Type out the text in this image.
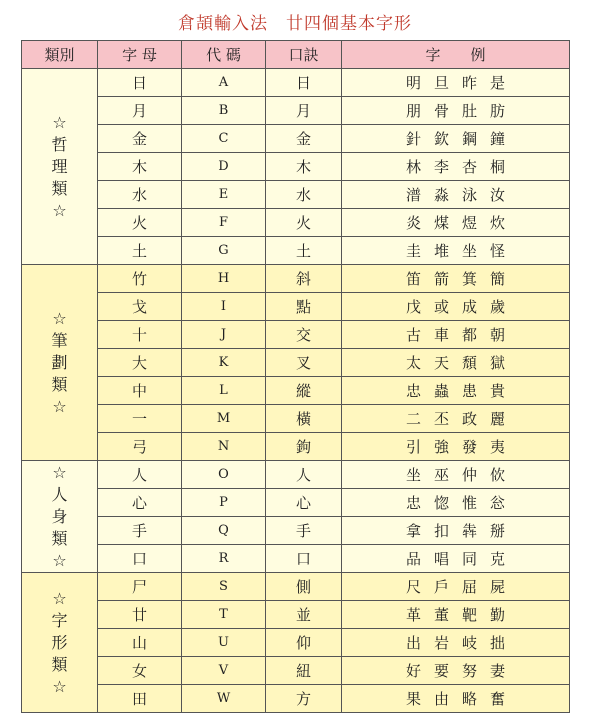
倉頡輸入法　廿四個基本字形
類別	字 母	代 碼	口訣	字　　例

☆
哲
理
類
☆	日	A	日	明旦昨是
	月	B	月	朋骨肚肪
	金	C	金	針欽鋼鐘
	木	D	木	林李杏桐
	水	E	水	潽淼泳汝
	火	F	火	炎煤煜炊
	土	G	土	圭堆坐怪

☆
筆
劃
類
☆	竹	H	斜	笛箭箕簡
	戈	I	點	戊或成歲
	十	J	交	古車都朝
	大	K	叉	太天頹獄
	中	L	縱	忠蟲患貴
	一	M	橫	二丕政麗
	弓	N	鉤	引強發夷

☆
人
身
類
☆	人	O	人	坐巫仲佽
	心	P	心	忠惚惟忩
	手	Q	手	拿扣犇掰
	口	R	口	品唱同克

☆
字
形
類
☆	尸	S	側	尺戶屈屍
	廿	T	並	革董靶勤
	山	U	仰	出岩岐拙
	女	V	紐	好要努妻
	田	W	方	果由略奮
